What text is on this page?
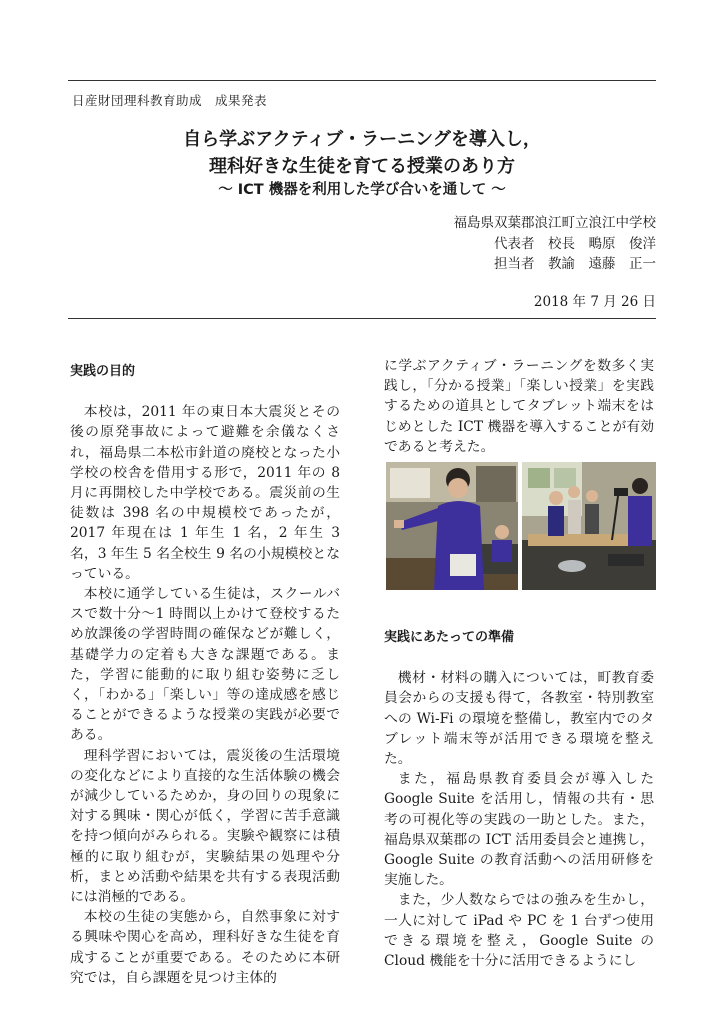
日産財団理科教育助成　成果発表
自ら学ぶアクティブ・ラーニングを導入し，
理科好きな生徒を育てる授業のあり方
～ ICT 機器を利用した学び合いを通して ～
福島県双葉郡浪江町立浪江中学校
代表者　校長　鴫原　俊洋
担当者　教諭　遠藤　正一
2018 年 7 月 26 日
実践の目的

本校は，2011 年の東日本大震災とその後の原発事故によって避難を余儀なくされ，福島県二本松市針道の廃校となった小学校の校舎を借用する形で，2011 年の 8 月に再開校した中学校である。震災前の生徒数は 398 名の中規模校であったが，2017 年現在は 1 年生 1 名，2 年生 3 名，3 年生 5 名全校生 9 名の小規模校となっている。

本校に通学している生徒は，スクールバスで数十分～1 時間以上かけて登校するため放課後の学習時間の確保などが難しく，基礎学力の定着も大きな課題である。また，学習に能動的に取り組む姿勢に乏しく，「わかる」「楽しい」等の達成感を感じることができるような授業の実践が必要である。

理科学習においては，震災後の生活環境の変化などにより直接的な生活体験の機会が減少しているためか，身の回りの現象に対する興味・関心が低く，学習に苦手意識を持つ傾向がみられる。実験や観察には積極的に取り組むが，実験結果の処理や分析，まとめ活動や結果を共有する表現活動には消極的である。

本校の生徒の実態から，自然事象に対する興味や関心を高め，理科好きな生徒を育成することが重要である。そのために本研究では，自ら課題を見つけ主体的

に学ぶアクティブ・ラーニングを数多く実践し，「分かる授業」「楽しい授業」を実践するための道具としてタブレット端末をはじめとした ICT 機器を導入することが有効であると考えた。

実践にあたっての準備

機材・材料の購入については，町教育委員会からの支援も得て，各教室・特別教室への Wi-Fi の環境を整備し，教室内でのタブレット端末等が活用できる環境を整えた。

また，福島県教育委員会が導入した Google Suite を活用し，情報の共有・思考の可視化等の実践の一助とした。また，福島県双葉郡の ICT 活用委員会と連携し，Google Suite の教育活動への活用研修を実施した。

また，少人数ならではの強みを生かし，一人に対して iPad や PC を 1 台ずつ使用できる環境を整え，Google Suite の Cloud 機能を十分に活用できるようにし
